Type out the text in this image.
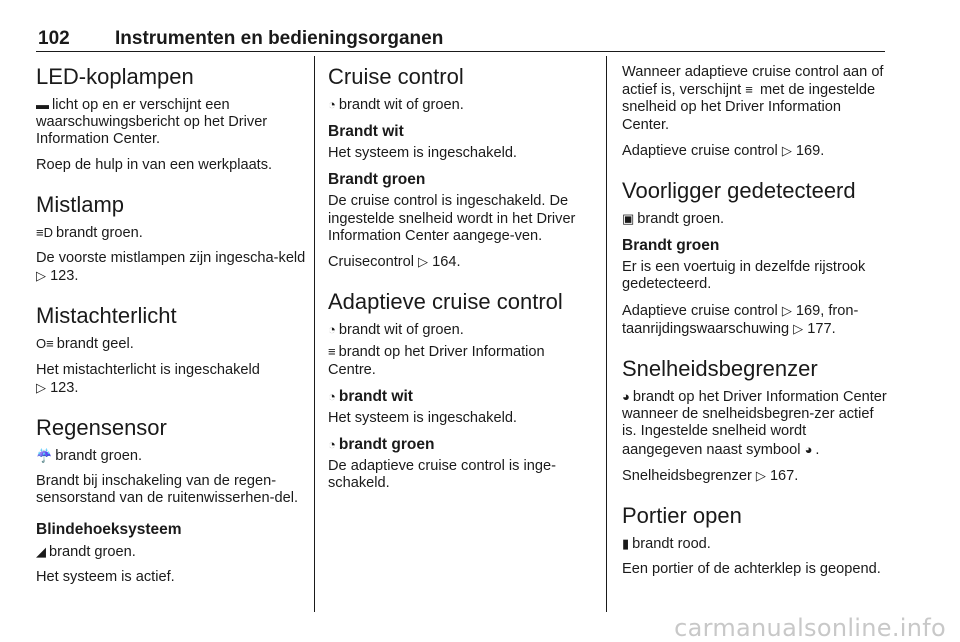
102 Instrumenten en bedieningsorganen
LED-koplampen

▬ licht op en er verschijnt een waarschuwingsbericht op het Driver Information Center.

Roep de hulp in van een werkplaats.

Mistlamp

≡D brandt groen.

De voorste mistlampen zijn ingescha-keld ▷ 123.

Mistachterlicht

O≡ brandt geel.

Het mistachterlicht is ingeschakeld
▷ 123.

Regensensor

☔ brandt groen.

Brandt bij inschakeling van de regen-sensorstand van de ruitenwisserhen-del.

Blindehoeksysteem

◢ brandt groen.

Het systeem is actief.

Cruise control

◔ brandt wit of groen.

Brandt wit

Het systeem is ingeschakeld.

Brandt groen

De cruise control is ingeschakeld. De ingestelde snelheid wordt in het Driver Information Center aangege-ven.

Cruisecontrol ▷ 164.

Adaptieve cruise control

◔ brandt wit of groen.

≡ brandt op het Driver Information Centre.

◔ brandt wit

Het systeem is ingeschakeld.

◔ brandt groen

De adaptieve cruise control is inge-schakeld.

Wanneer adaptieve cruise control aan of actief is, verschijnt ≡ met de ingestelde snelheid op het Driver Information Center.

Adaptieve cruise control ▷ 169.

Voorligger gedetecteerd

▣ brandt groen.

Brandt groen

Er is een voertuig in dezelfde rijstrook gedetecteerd.

Adaptieve cruise control ▷ 169, fron-taanrijdingswaarschuwing ▷ 177.

Snelheidsbegrenzer

◕ brandt op het Driver Information Center wanneer de snelheidsbegren-zer actief is. Ingestelde snelheid wordt aangegeven naast symbool ◕ .

Snelheidsbegrenzer ▷ 167.

Portier open

▮ brandt rood.

Een portier of de achterklep is geopend.

carmanualsonline.info
